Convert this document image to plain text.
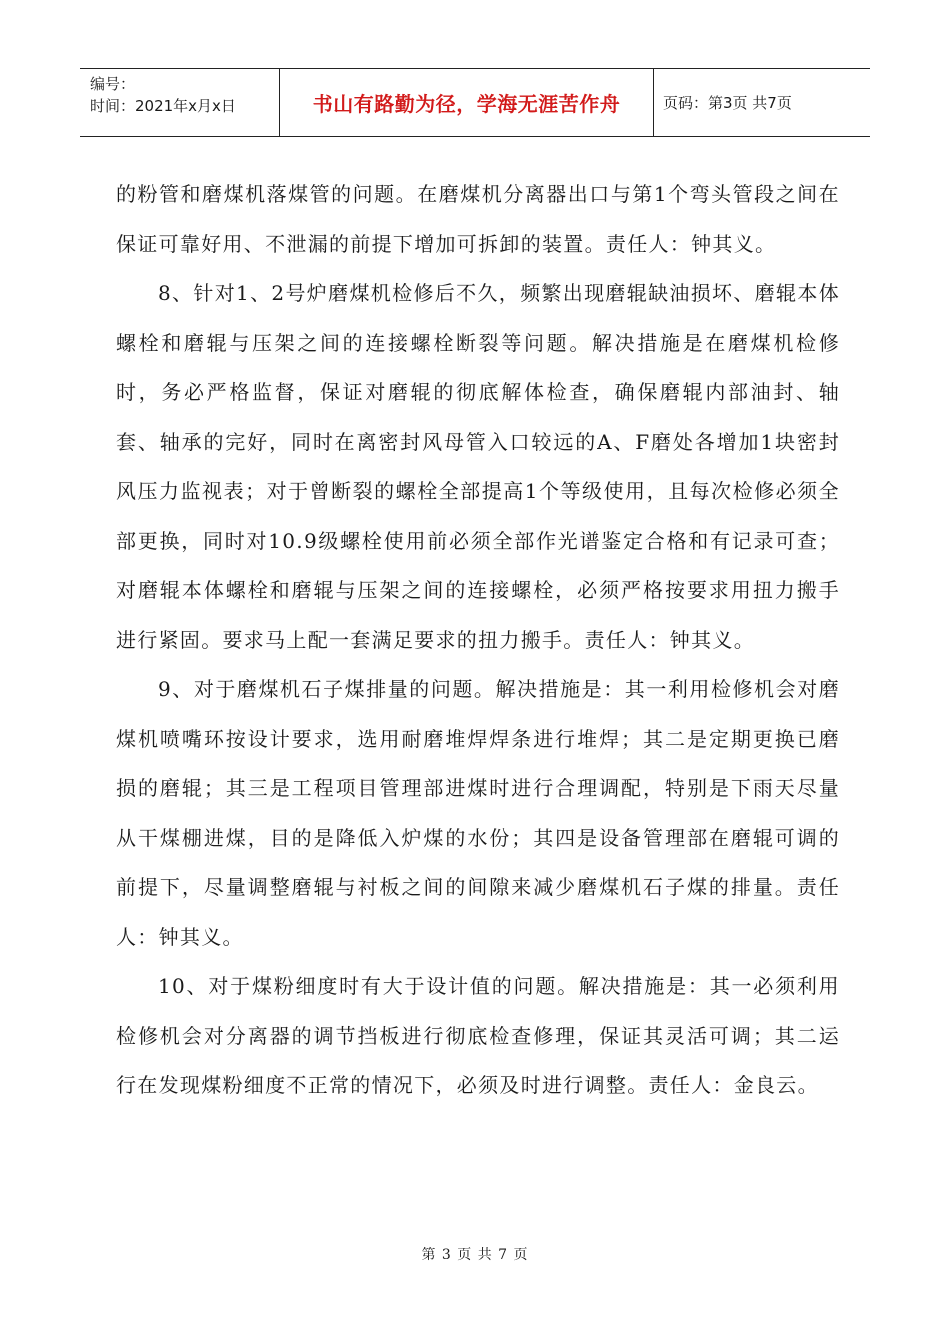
编号：
时间：2021年x月x日	书山有路勤为径，学海无涯苦作舟	页码：第3页 共7页

的粉管和磨煤机落煤管的问题。在磨煤机分离器出口与第1个弯头管段之间在保证可靠好用、不泄漏的前提下增加可拆卸的装置。责任人：钟其义。

8、针对1、2号炉磨煤机检修后不久，频繁出现磨辊缺油损坏、磨辊本体螺栓和磨辊与压架之间的连接螺栓断裂等问题。解决措施是在磨煤机检修时，务必严格监督，保证对磨辊的彻底解体检查，确保磨辊内部油封、轴套、轴承的完好，同时在离密封风母管入口较远的A、F磨处各增加1块密封风压力监视表；对于曾断裂的螺栓全部提高1个等级使用，且每次检修必须全部更换，同时对10.9级螺栓使用前必须全部作光谱鉴定合格和有记录可查；对磨辊本体螺栓和磨辊与压架之间的连接螺栓，必须严格按要求用扭力搬手进行紧固。要求马上配一套满足要求的扭力搬手。责任人：钟其义。

9、对于磨煤机石子煤排量的问题。解决措施是：其一利用检修机会对磨煤机喷嘴环按设计要求，选用耐磨堆焊焊条进行堆焊；其二是定期更换已磨损的磨辊；其三是工程项目管理部进煤时进行合理调配，特别是下雨天尽量从干煤棚进煤，目的是降低入炉煤的水份；其四是设备管理部在磨辊可调的前提下，尽量调整磨辊与衬板之间的间隙来减少磨煤机石子煤的排量。责任人：钟其义。

10、对于煤粉细度时有大于设计值的问题。解决措施是：其一必须利用检修机会对分离器的调节挡板进行彻底检查修理，保证其灵活可调；其二运行在发现煤粉细度不正常的情况下，必须及时进行调整。责任人：金良云。

第 3 页 共 7 页
